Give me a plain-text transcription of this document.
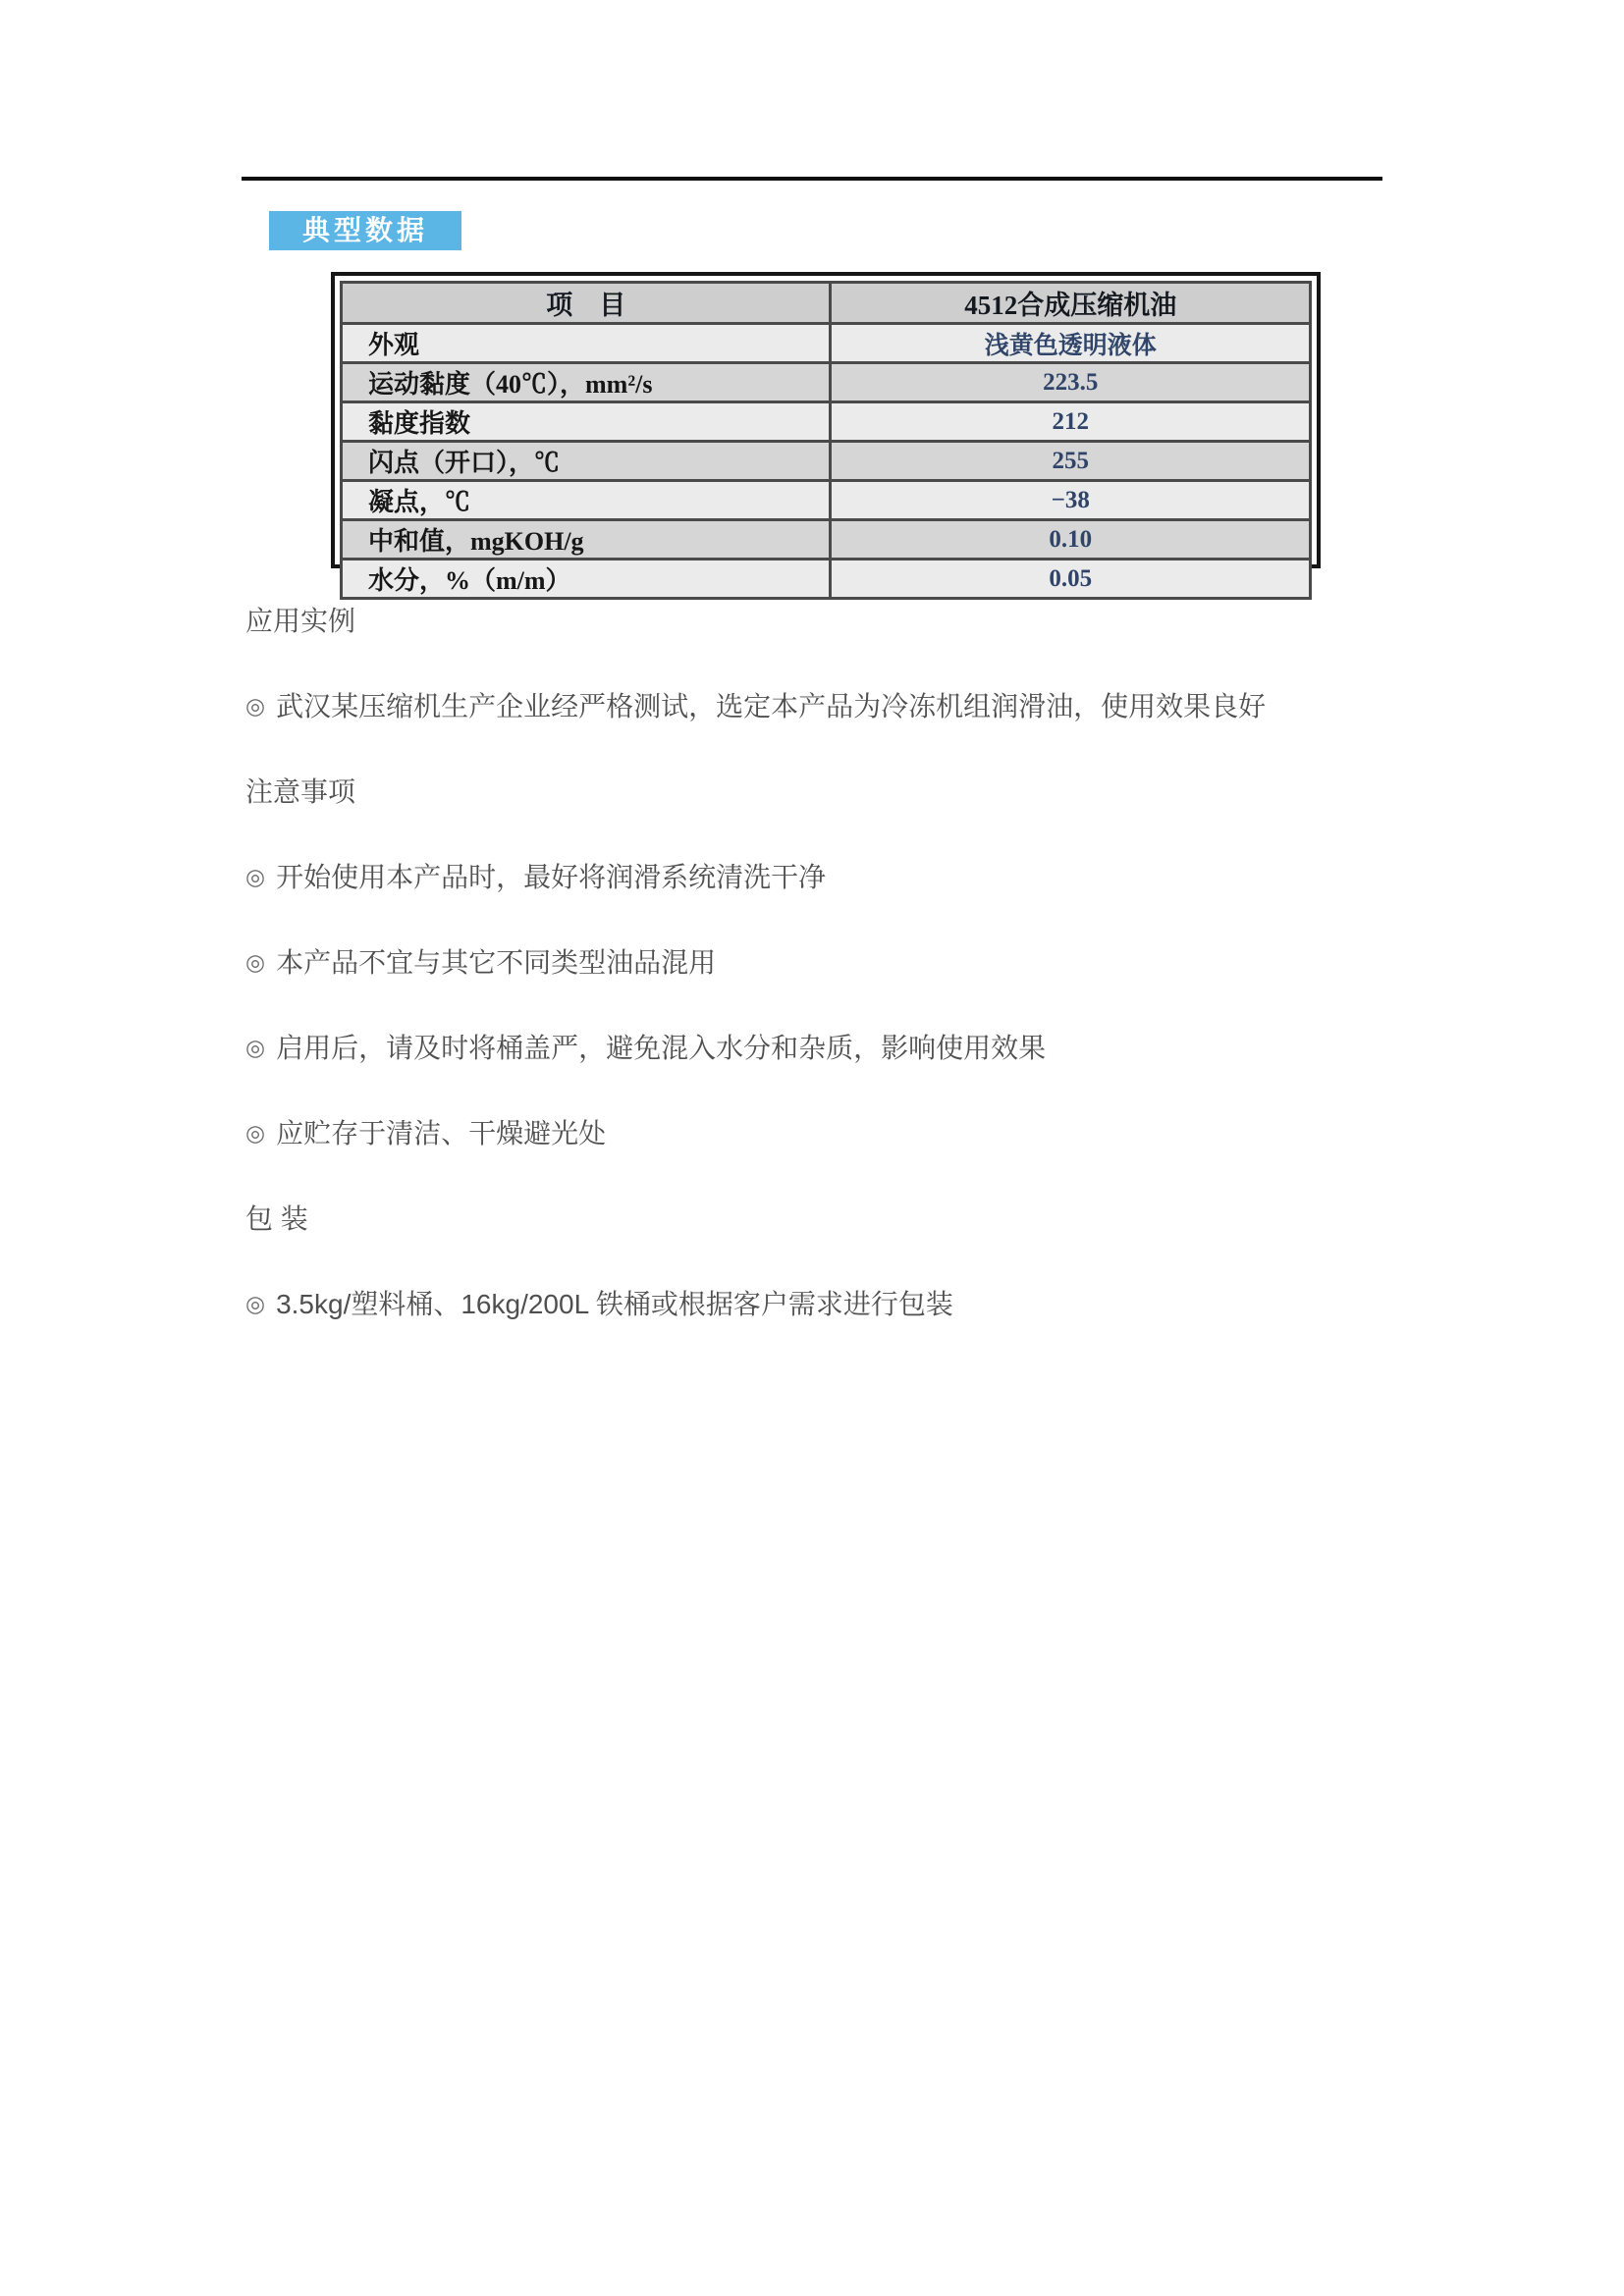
典型数据
项　目	4512合成压缩机油
外观	浅黄色透明液体
运动黏度（40℃），mm²/s	223.5
黏度指数	212
闪点（开口），℃	255
凝点，℃	−38
中和值，mgKOH/g	0.10
水分，%（m/m）	0.05
应用实例
◎ 武汉某压缩机生产企业经严格测试，选定本产品为冷冻机组润滑油，使用效果良好
注意事项
◎ 开始使用本产品时，最好将润滑系统清洗干净
◎ 本产品不宜与其它不同类型油品混用
◎ 启用后，请及时将桶盖严，避免混入水分和杂质，影响使用效果
◎ 应贮存于清洁、干燥避光处
包 装
◎ 3.5kg/塑料桶、16kg/200L 铁桶或根据客户需求进行包装
